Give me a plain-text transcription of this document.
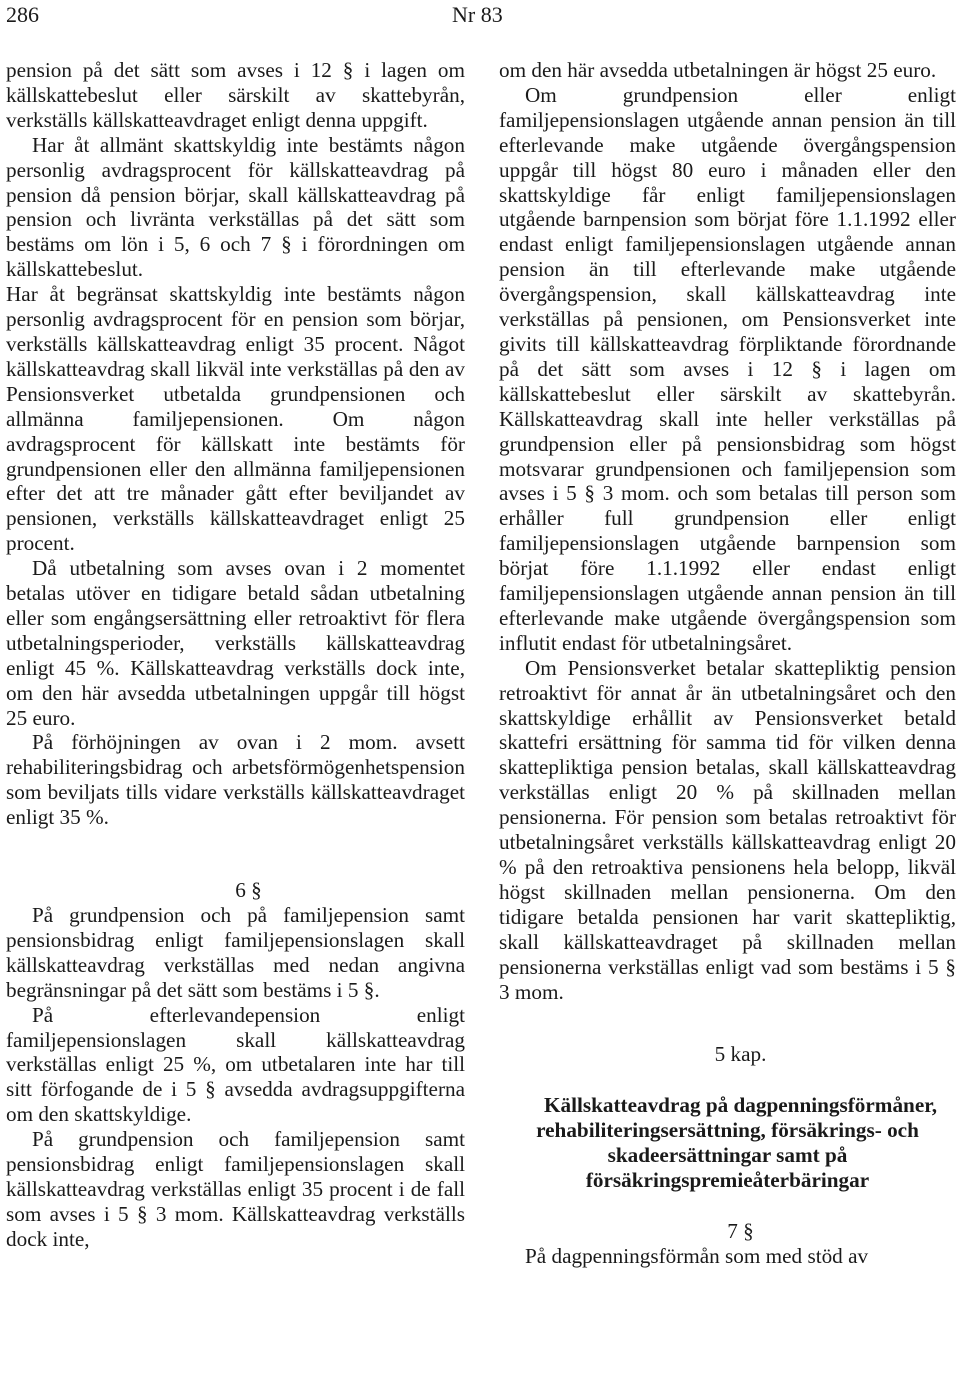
286	Nr 83

pension på det sätt som avses i 12 § i lagen om källskattebeslut eller särskilt av skattebyrån, verkställs källskatteavdraget enligt denna uppgift.

Har åt allmänt skattskyldig inte bestämts någon personlig avdragsprocent för källskatteavdrag på pension då pension börjar, skall källskatteavdrag på pension och livränta verkställas på det sätt som bestäms om lön i 5, 6 och 7 § i förordningen om källskattebeslut.

Har åt begränsat skattskyldig inte bestämts någon personlig avdragsprocent för en pension som börjar, verkställs källskatteavdrag enligt 35 procent. Något källskatteavdrag skall likväl inte verkställas på den av Pensionsverket utbetalda grundpensionen och allmänna familjepensionen. Om någon avdragsprocent för källskatt inte bestämts för grundpensionen eller den allmänna familjepensionen efter det att tre månader gått efter beviljandet av pensionen, verkställs källskatteavdraget enligt 25 procent.

Då utbetalning som avses ovan i 2 momentet betalas utöver en tidigare betald sådan utbetalning eller som engångsersättning eller retroaktivt för flera utbetalningsperioder, verkställs källskatteavdrag enligt 45 %. Källskatteavdrag verkställs dock inte, om den här avsedda utbetalningen uppgår till högst 25 euro.

På förhöjningen av ovan i 2 mom. avsett rehabiliteringsbidrag och arbetsförmögenhetspension som beviljats tills vidare verkställs källskatteavdraget enligt 35 %.

6 §

På grundpension och på familjepension samt pensionsbidrag enligt familjepensionslagen skall källskatteavdrag verkställas med nedan angivna begränsningar på det sätt som bestäms i 5 §.

På efterlevandepension enligt familjepensionslagen skall källskatteavdrag verkställas enligt 25 %, om utbetalaren inte har till sitt förfogande de i 5 § avsedda avdragsuppgifterna om den skattskyldige.

På grundpension och familjepension samt pensionsbidrag enligt familjepensionslagen skall källskatteavdrag verkställas enligt 35 procent i de fall som avses i 5 § 3 mom. Källskatteavdrag verkställs dock inte,

om den här avsedda utbetalningen är högst 25 euro.

Om grundpension eller enligt familjepensionslagen utgående annan pension än till efterlevande make utgående övergångspension uppgår till högst 80 euro i månaden eller den skattskyldige får enligt familjepensionslagen utgående barnpension som börjat före 1.1.1992 eller endast enligt familjepensionslagen utgående annan pension än till efterlevande make utgående övergångspension, skall källskatteavdrag inte verkställas på pensionen, om Pensionsverket inte givits till källskatteavdrag förpliktande förordnande på det sätt som avses i 12 § i lagen om källskattebeslut eller särskilt av skattebyrån. Källskatteavdrag skall inte heller verkställas på grundpension eller på pensionsbidrag som högst motsvarar grundpensionen och familjepension som avses i 5 § 3 mom. och som betalas till person som erhåller full grundpension eller enligt familjepensionslagen utgående barnpension som börjat före 1.1.1992 eller endast enligt familjepensionslagen utgående annan pension än till efterlevande make utgående övergångspension som influtit endast för utbetalningsåret.

Om Pensionsverket betalar skattepliktig pension retroaktivt för annat år än utbetalningsåret och den skattskyldige erhållit av Pensionsverket betald skattefri ersättning för samma tid för vilken denna skattepliktiga pension betalas, skall källskatteavdrag verkställas enligt 20 % på skillnaden mellan pensionerna. För pension som betalas retroaktivt för utbetalningsåret verkställs källskatteavdrag enligt 20 % på den retroaktiva pensionens hela belopp, likväl högst skillnaden mellan pensionerna. Om den tidigare betalda pensionen har varit skattepliktig, skall källskatteavdraget på skillnaden mellan pensionerna verkställas enligt vad som bestäms i 5 § 3 mom.

5 kap.

Källskatteavdrag på dagpenningsförmåner, rehabiliteringsersättning, försäkrings- och skadeersättningar samt på försäkringspremieåterbäringar

7 §

På dagpenningsförmån som med stöd av
